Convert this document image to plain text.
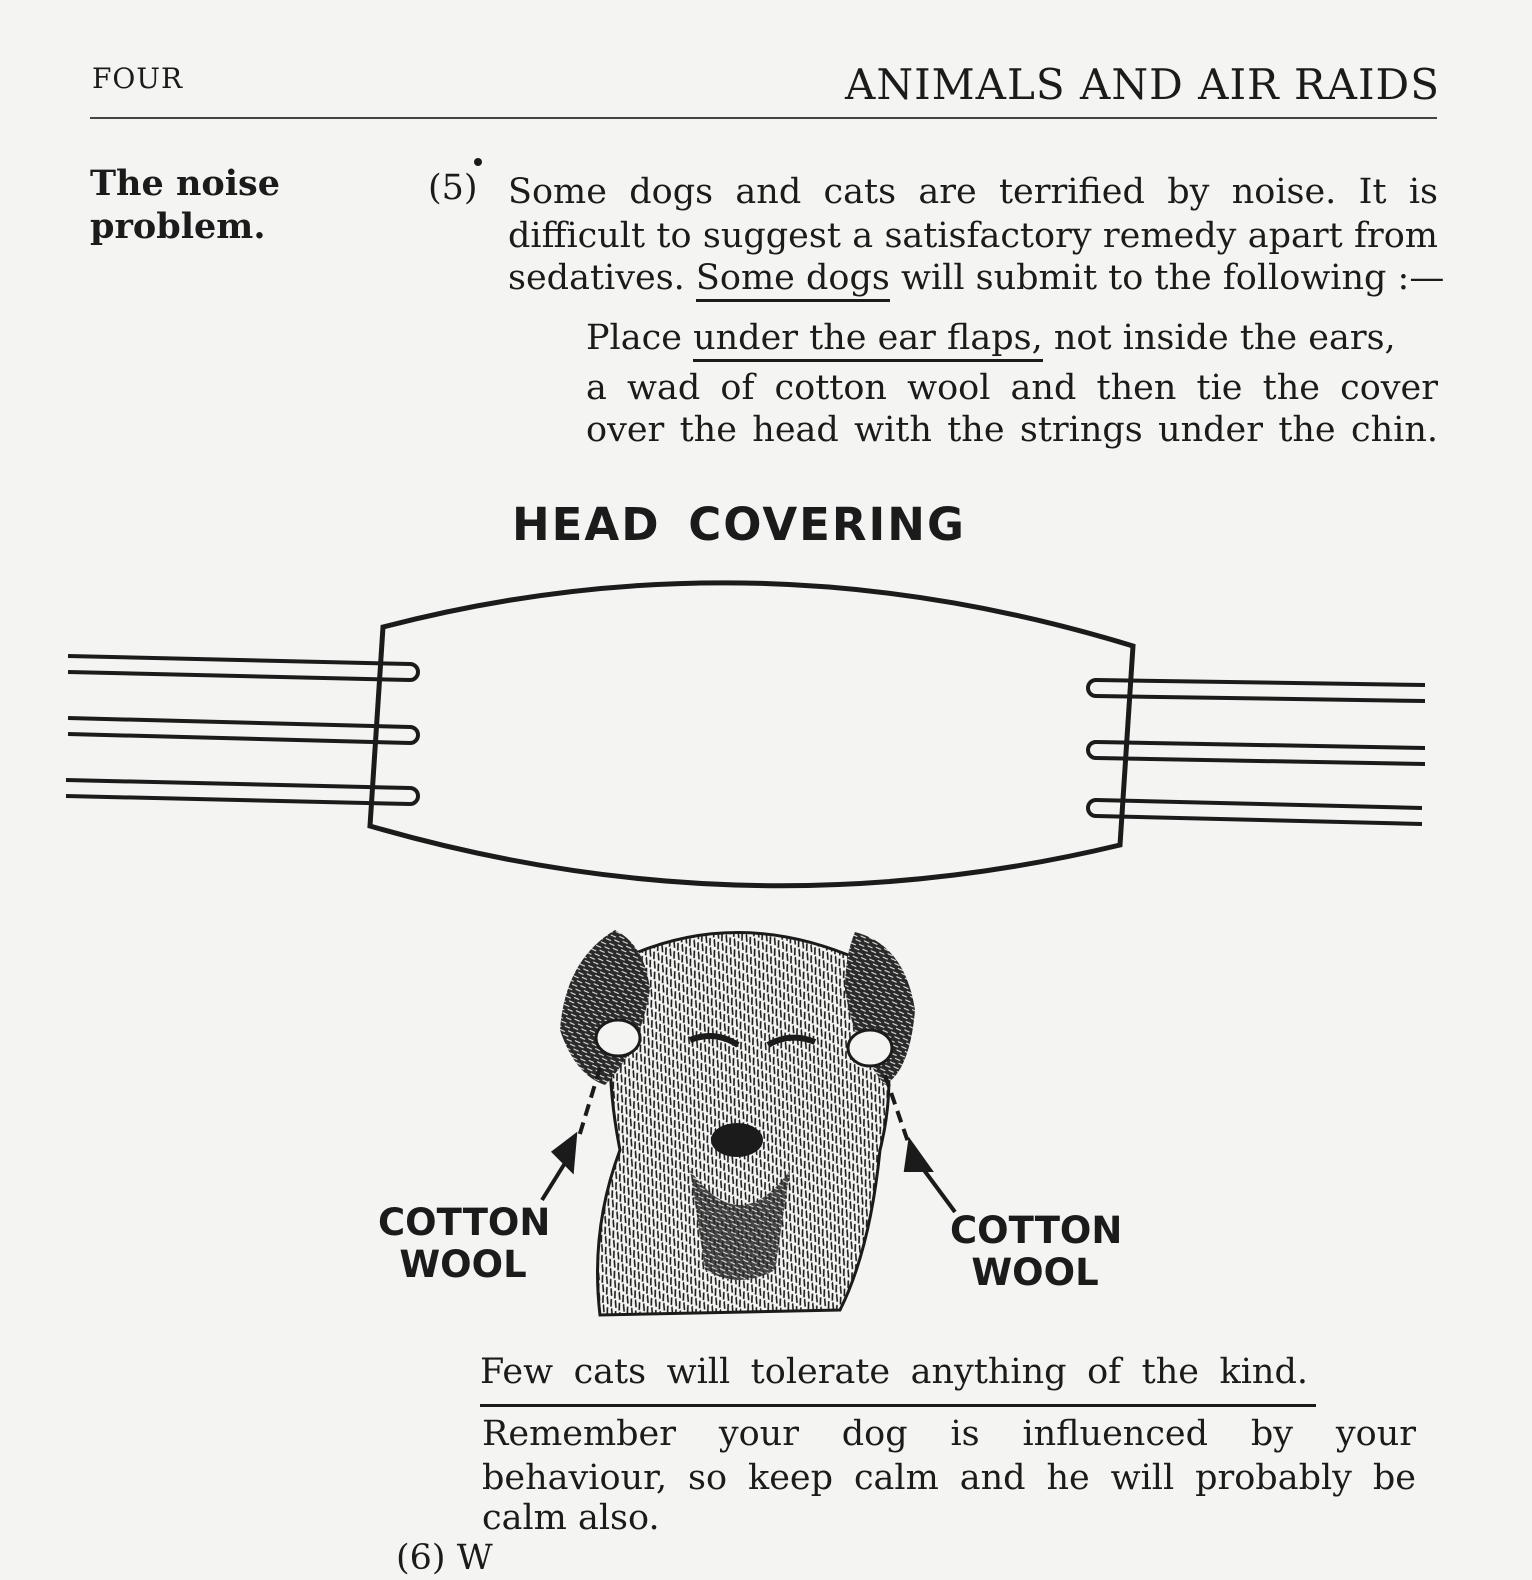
FOUR	ANIMALS AND AIR RAIDS
The noise
problem.
(5) Some dogs and cats are terrified by noise. It is
difficult to suggest a satisfactory remedy apart from
sedatives. Some dogs will submit to the following :—
Place under the ear flaps, not inside the ears,
a wad of cotton wool and then tie the cover
over the head with the strings under the chin.
HEAD COVERING
COTTON
WOOL
COTTON
WOOL
Few cats will tolerate anything of the kind.
Remember your dog is influenced by your
behaviour, so keep calm and he will probably be
calm also.
(6) W
